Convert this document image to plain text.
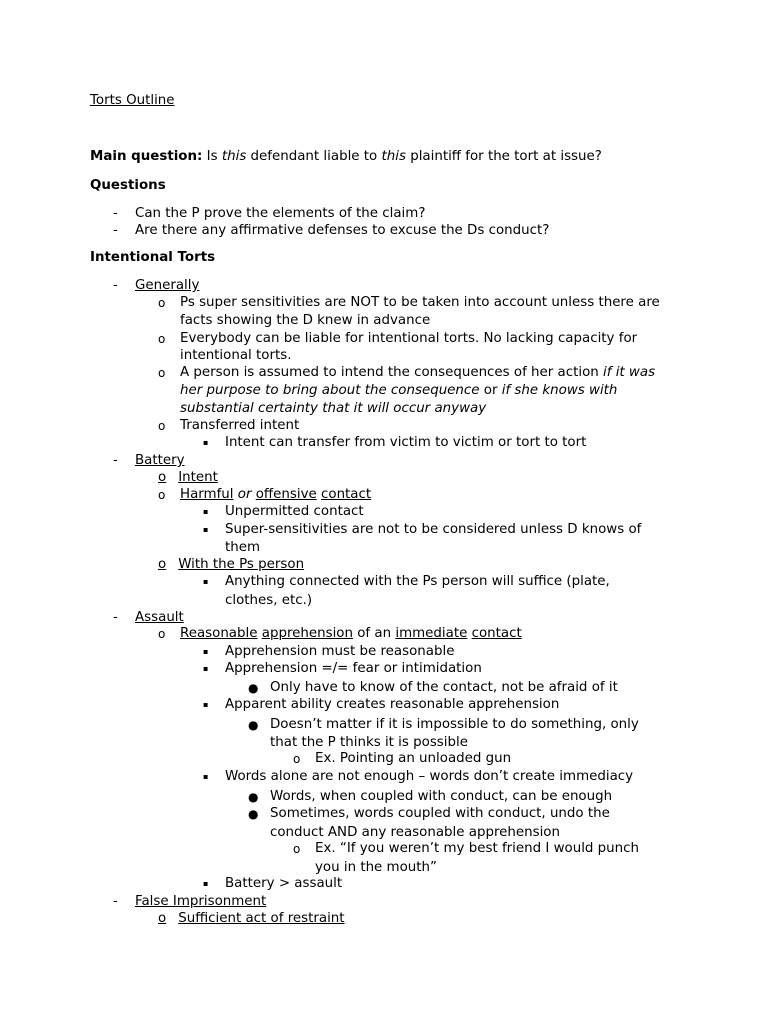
Torts Outline
Main question: Is this defendant liable to this plaintiff for the tort at issue?
Questions
- Can the P prove the elements of the claim?
- Are there any affirmative defenses to excuse the Ds conduct?
Intentional Torts
- Generally
o Ps super sensitivities are NOT to be taken into account unless there are
facts showing the D knew in advance
o Everybody can be liable for intentional torts. No lacking capacity for
intentional torts.
o A person is assumed to intend the consequences of her action if it was
her purpose to bring about the consequence or if she knows with
substantial certainty that it will occur anyway
o Transferred intent
▪ Intent can transfer from victim to victim or tort to tort
- Battery
o Intent
o Harmful or offensive contact
▪ Unpermitted contact
▪ Super-sensitivities are not to be considered unless D knows of
them
o With the Ps person
▪ Anything connected with the Ps person will suffice (plate,
clothes, etc.)
- Assault
o Reasonable apprehension of an immediate contact
▪ Apprehension must be reasonable
▪ Apprehension =/= fear or intimidation
● Only have to know of the contact, not be afraid of it
▪ Apparent ability creates reasonable apprehension
● Doesn’t matter if it is impossible to do something, only
that the P thinks it is possible
o Ex. Pointing an unloaded gun
▪ Words alone are not enough – words don’t create immediacy
● Words, when coupled with conduct, can be enough
● Sometimes, words coupled with conduct, undo the
conduct AND any reasonable apprehension
o Ex. “If you weren’t my best friend I would punch
you in the mouth”
▪ Battery > assault
- False Imprisonment
o Sufficient act of restraint
